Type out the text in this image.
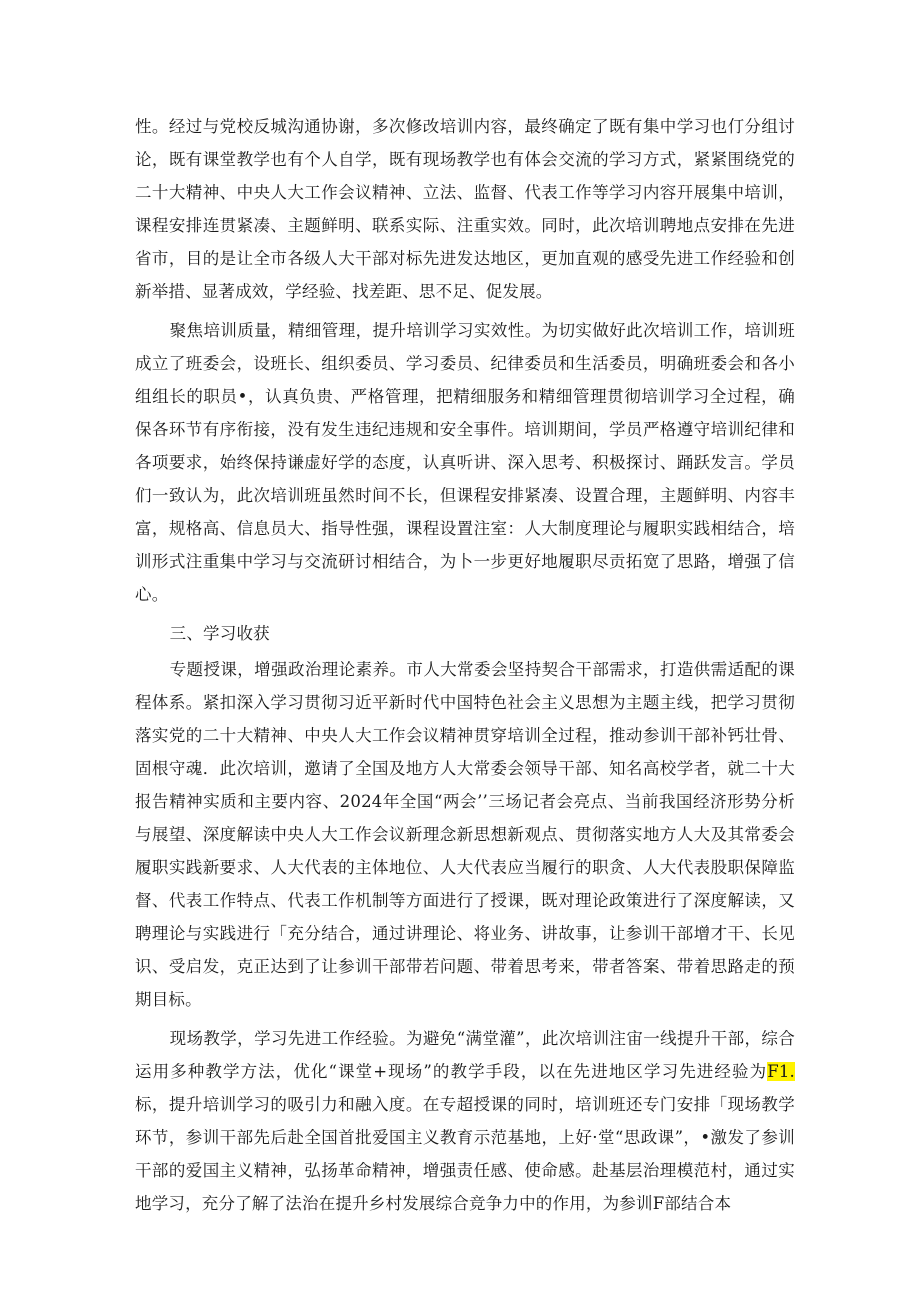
性。经过与党校反城沟通协谢，多次修改培训内容，最终确定了既有集中学习也仃分组讨论，既有课堂教学也有个人自学，既有现场教学也有体会交流的学习方式，紧紧围绕党的二十大精神、中央人大工作会议精神、立法、监督、代表工作等学习内容幵展集中培训，课程安排连贯紧凑、主题鲜明、联系实际、注重实效。同时，此次培训聘地点安排在先进省市，目的是让全市各级人大干部对标先进发达地区，更加直观的感受先进工作经验和创新举措、显著成效，学经验、找差距、思不足、促发展。

聚焦培训质量，精细管理，提升培训学习实效性。为切实做好此次培训工作，培训班成立了班委会，设班长、组织委员、学习委员、纪律委员和生活委员，明确班委会和各小组组长的职员•，认真负贵、严格管理，把精细服务和精细管理贯彻培训学习全过程，确保各环节有序衔接，没有发生违纪违规和安全事件。培训期间，学员严格遵守培训纪律和各项要求，始终保持谦虚好学的态度，认真听讲、深入思考、积极探讨、踊跃发言。学员们一致认为，此次培训班虽然时间不长，但课程安排紧凑、设置合理，主题鲜明、内容丰富，规格高、信息员大、指导性强，课程设置注室：人大制度理论与履职实践相结合，培训形式注重集中学习与交流研讨相结合，为卜一步更好地履职尽贡拓宽了思路，增强了信心。

三、学习收获

专题授课，增强政治理论素养。市人大常委会坚持契合干部需求，打造供需适配的课程体系。紧扣深入学习贯彻习近平新时代中国特色社会主义思想为主题主线，把学习贯彻落实党的二十大精神、中央人大工作会议精神贯穿培训全过程，推动参训干部补钙壮骨、固根守魂．此次培训，邀请了全国及地方人大常委会领导干部、知名高校学者，就二十大报告精神实质和主要内容、2024年全国“两会’’三场记者会亮点、当前我国经济形势分析与展望、深度解读中央人大工作会议新理念新思想新观点、贯彻落实地方人大及其常委会履职实践新要求、人大代表的主体地位、人大代表应当履行的职贪、人大代表股职保障监督、代表工作特点、代表工作机制等方面进行了授课，既对理论政策进行了深度解读，又聘理论与实践进行「充分结合，通过讲理论、将业务、讲故事，让参训干部增才干、长见识、受启发，克正达到了让参训干部带若问题、带着思考来，带者答案、带着思路走的预期目标。

现场教学，学习先进工作经验。为避免“满堂灌”，此次培训注宙一线提升干部，综合运用多种教学方法，优化“课堂+现场”的教学手段，以在先进地区学习先进经验为F1.标，提升培训学习的吸引力和融入度。在专超授课的同时，培训班还专门安排「现场教学环节，参训干部先后赴全国首批爱国主义教育示范基地，上好·堂“思政课”，•激发了参训干部的爱国主义精神，弘扬革命精神，增强责任感、使命感。赴基层治理模范村，通过实地学习，充分了解了法治在提升乡村发展综合竞争力中的作用，为参训F部结合本
